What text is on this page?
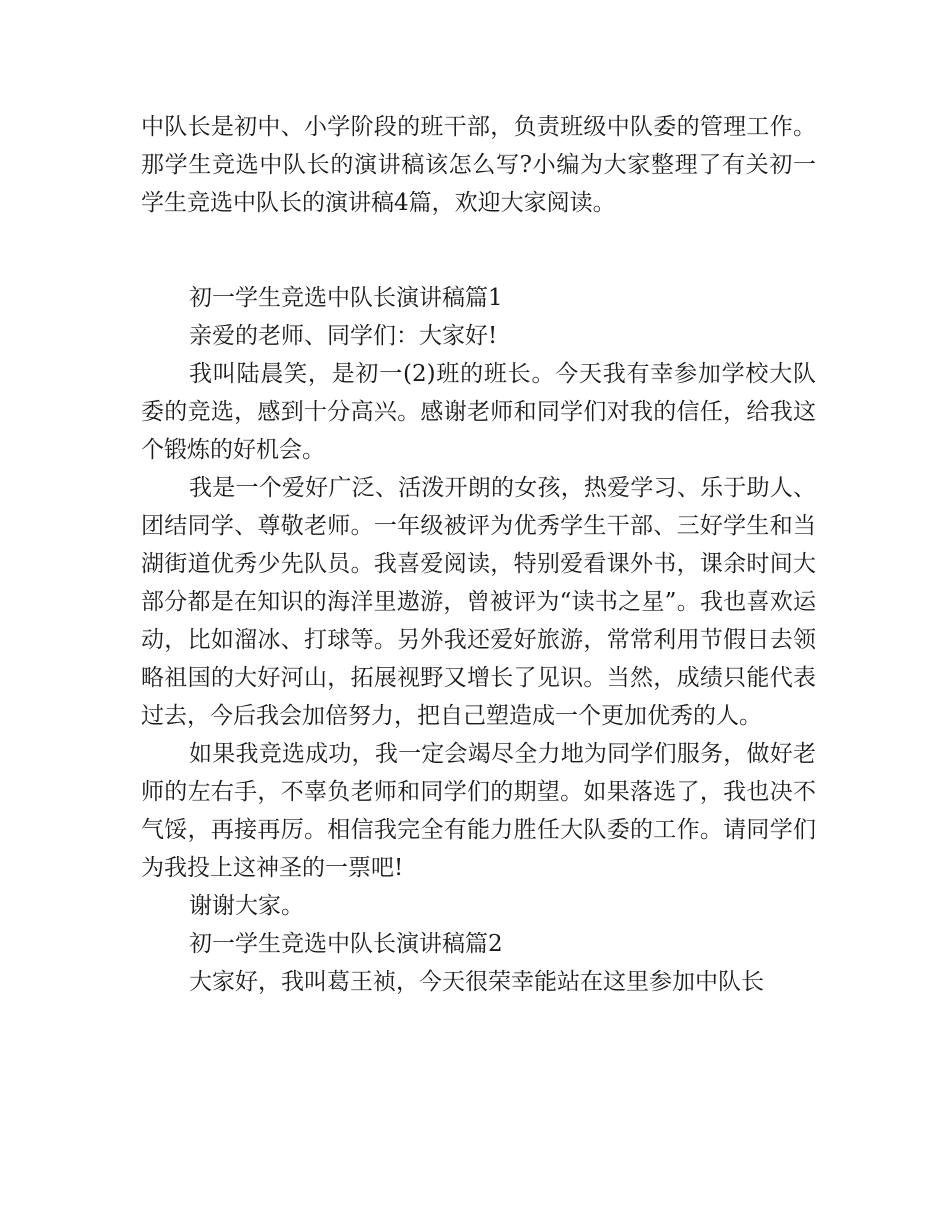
中队长是初中、小学阶段的班干部，负责班级中队委的管理工作。那学生竞选中队长的演讲稿该怎么写?小编为大家整理了有关初一学生竞选中队长的演讲稿4篇，欢迎大家阅读。

初一学生竞选中队长演讲稿篇1

亲爱的老师、同学们：大家好!

我叫陆晨笑，是初一(2)班的班长。今天我有幸参加学校大队委的竞选，感到十分高兴。感谢老师和同学们对我的信任，给我这个锻炼的好机会。

我是一个爱好广泛、活泼开朗的女孩，热爱学习、乐于助人、团结同学、尊敬老师。一年级被评为优秀学生干部、三好学生和当湖街道优秀少先队员。我喜爱阅读，特别爱看课外书，课余时间大部分都是在知识的海洋里遨游，曾被评为“读书之星”。我也喜欢运动，比如溜冰、打球等。另外我还爱好旅游，常常利用节假日去领略祖国的大好河山，拓展视野又增长了见识。当然，成绩只能代表过去，今后我会加倍努力，把自己塑造成一个更加优秀的人。

如果我竞选成功，我一定会竭尽全力地为同学们服务，做好老师的左右手，不辜负老师和同学们的期望。如果落选了，我也决不气馁，再接再厉。相信我完全有能力胜任大队委的工作。请同学们为我投上这神圣的一票吧!

谢谢大家。

初一学生竞选中队长演讲稿篇2

大家好，我叫葛王祯，今天很荣幸能站在这里参加中队长
